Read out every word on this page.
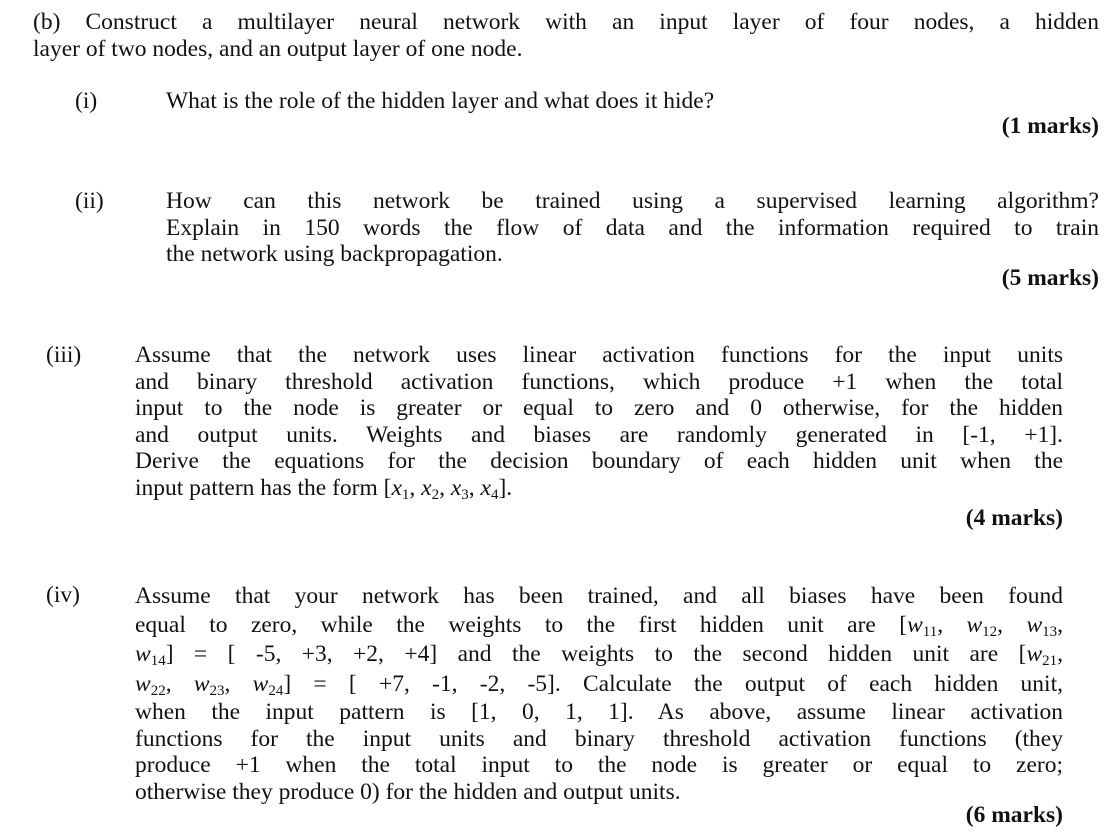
(b) Construct a multilayer neural network with an input layer of four nodes, a hidden
layer of two nodes, and an output layer of one node.
(i)	What is the role of the hidden layer and what does it hide?
(1 marks)
(ii)	How can this network be trained using a supervised learning algorithm?
Explain in 150 words the flow of data and the information required to train
the network using backpropagation.
(5 marks)
(iii) Assume that the network uses linear activation functions for the input units
and binary threshold activation functions, which produce +1 when the total
input to the node is greater or equal to zero and 0 otherwise, for the hidden
and output units. Weights and biases are randomly generated in [-1, +1].
Derive the equations for the decision boundary of each hidden unit when the
input pattern has the form [$x_1$, $x_2$, $x_3$, $x_4$].
(4 marks)
(iv) Assume that your network has been trained, and all biases have been found
equal to zero, while the weights to the first hidden unit are [$w_{11}$, $w_{12}$, $w_{13}$,
$w_{14}$] = [ -5, +3, +2, +4] and the weights to the second hidden unit are [$w_{21}$,
$w_{22}$, $w_{23}$, $w_{24}$] = [ +7, -1, -2, -5]. Calculate the output of each hidden unit,
when the input pattern is [1, 0, 1, 1]. As above, assume linear activation
functions for the input units and binary threshold activation functions (they
produce +1 when the total input to the node is greater or equal to zero;
otherwise they produce 0) for the hidden and output units.
(6 marks)
